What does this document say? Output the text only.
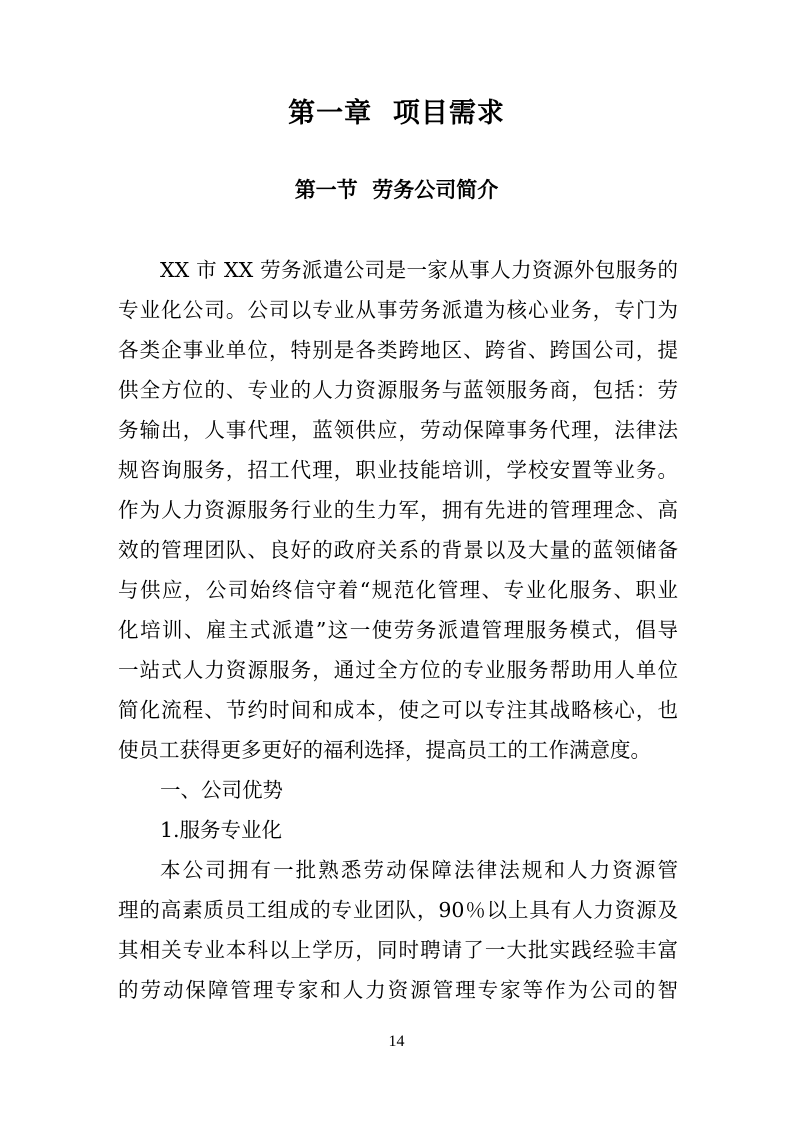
第一章  项目需求
第一节  劳务公司简介
XX 市 XX 劳务派遣公司是一家从事人力资源外包服务的
专业化公司。公司以专业从事劳务派遣为核心业务，专门为
各类企事业单位，特别是各类跨地区、跨省、跨国公司，提
供全方位的、专业的人力资源服务与蓝领服务商，包括：劳
务输出，人事代理，蓝领供应，劳动保障事务代理，法律法
规咨询服务，招工代理，职业技能培训，学校安置等业务。
作为人力资源服务行业的生力军，拥有先进的管理理念、高
效的管理团队、良好的政府关系的背景以及大量的蓝领储备
与供应，公司始终信守着“规范化管理、专业化服务、职业
化培训、雇主式派遣”这一使劳务派遣管理服务模式，倡导
一站式人力资源服务，通过全方位的专业服务帮助用人单位
简化流程、节约时间和成本，使之可以专注其战略核心，也
使员工获得更多更好的福利选择，提高员工的工作满意度。
一、公司优势
1.服务专业化
本公司拥有一批熟悉劳动保障法律法规和人力资源管
理的高素质员工组成的专业团队，90％以上具有人力资源及
其相关专业本科以上学历，同时聘请了一大批实践经验丰富
的劳动保障管理专家和人力资源管理专家等作为公司的智
14
